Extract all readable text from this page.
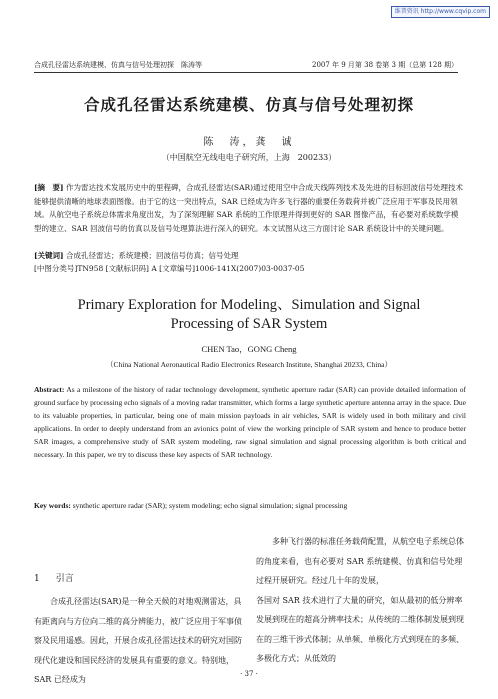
维普资讯 http://www.cqvip.com
合成孔径雷达系统建模、仿真与信号处理初探　陈涛等	2007 年 9 月第 38 卷第 3 期（总第 128 期）
合成孔径雷达系统建模、仿真与信号处理初探
陈　涛，龚　诚
（中国航空无线电电子研究所，上海　200233）
[摘　要] 作为雷达技术发展历史中的里程碑，合成孔径雷达(SAR)通过使用空中合成天线阵列技术及先进的目标回波信号处理技术能够提供清晰的地球表面图像。由于它的这一突出特点，SAR 已经成为许多飞行器的重要任务载荷并被广泛应用于军事及民用领域。从航空电子系统总体需求角度出发，为了深刻理解 SAR 系统的工作原理并得到更好的 SAR 图像产品，有必要对系统数学模型的建立、SAR 回波信号的仿真以及信号处理算法进行深入的研究。本文试图从这三方面讨论 SAR 系统设计中的关键问题。
[关键词] 合成孔径雷达；系统建模；回波信号仿真；信号处理
[中图分类号]TN958 [文献标识码] A [文章编号]1006-141X(2007)03-0037-05
Primary Exploration for Modeling、Simulation and Signal
Processing of SAR System
CHEN Tao，GONG Cheng
（China National Aeronautical Radio Electronics Research Institute, Shanghai 20233, China）
Abstract: As a milestone of the history of radar technology development, synthetic aperture radar (SAR) can provide detailed information of ground surface by processing echo signals of a moving radar transmitter, which forms a large synthetic aperture antenna array in the space. Due to its valuable properties, in particular, being one of main mission payloads in air vehicles, SAR is widely used in both military and civil applications. In order to deeply understand from an avionics point of view the working principle of SAR system and hence to produce better SAR images, a comprehensive study of SAR system modeling, raw signal simulation and signal processing algorithm is both critical and necessary. In this paper, we try to discuss these key aspects of SAR technology.
Key words: synthetic aperture radar (SAR); system modeling; echo signal simulation; signal processing

多种飞行器的标准任务载荷配置，从航空电子系统总体的角度来看，也有必要对 SAR 系统建模、仿真和信号处理过程开展研究。经过几十年的发展，

各国对 SAR 技术进行了大量的研究，如从最初的低分辨率发展到现在的超高分辨率技术；从传统的二维体制发展到现在的三维干涉式体制；从单频、单极化方式到现在的多频、多极化方式；从低效的

1 引言

合成孔径雷达(SAR)是一种全天候的对地观测雷达，具有距离向与方位向二维的高分辨能力，被广泛应用于军事侦察及民用遥感。因此，开展合成孔径雷达技术的研究对国防现代化建设和国民经济的发展具有重要的意义。特别地，SAR 已经成为

· 37 ·
